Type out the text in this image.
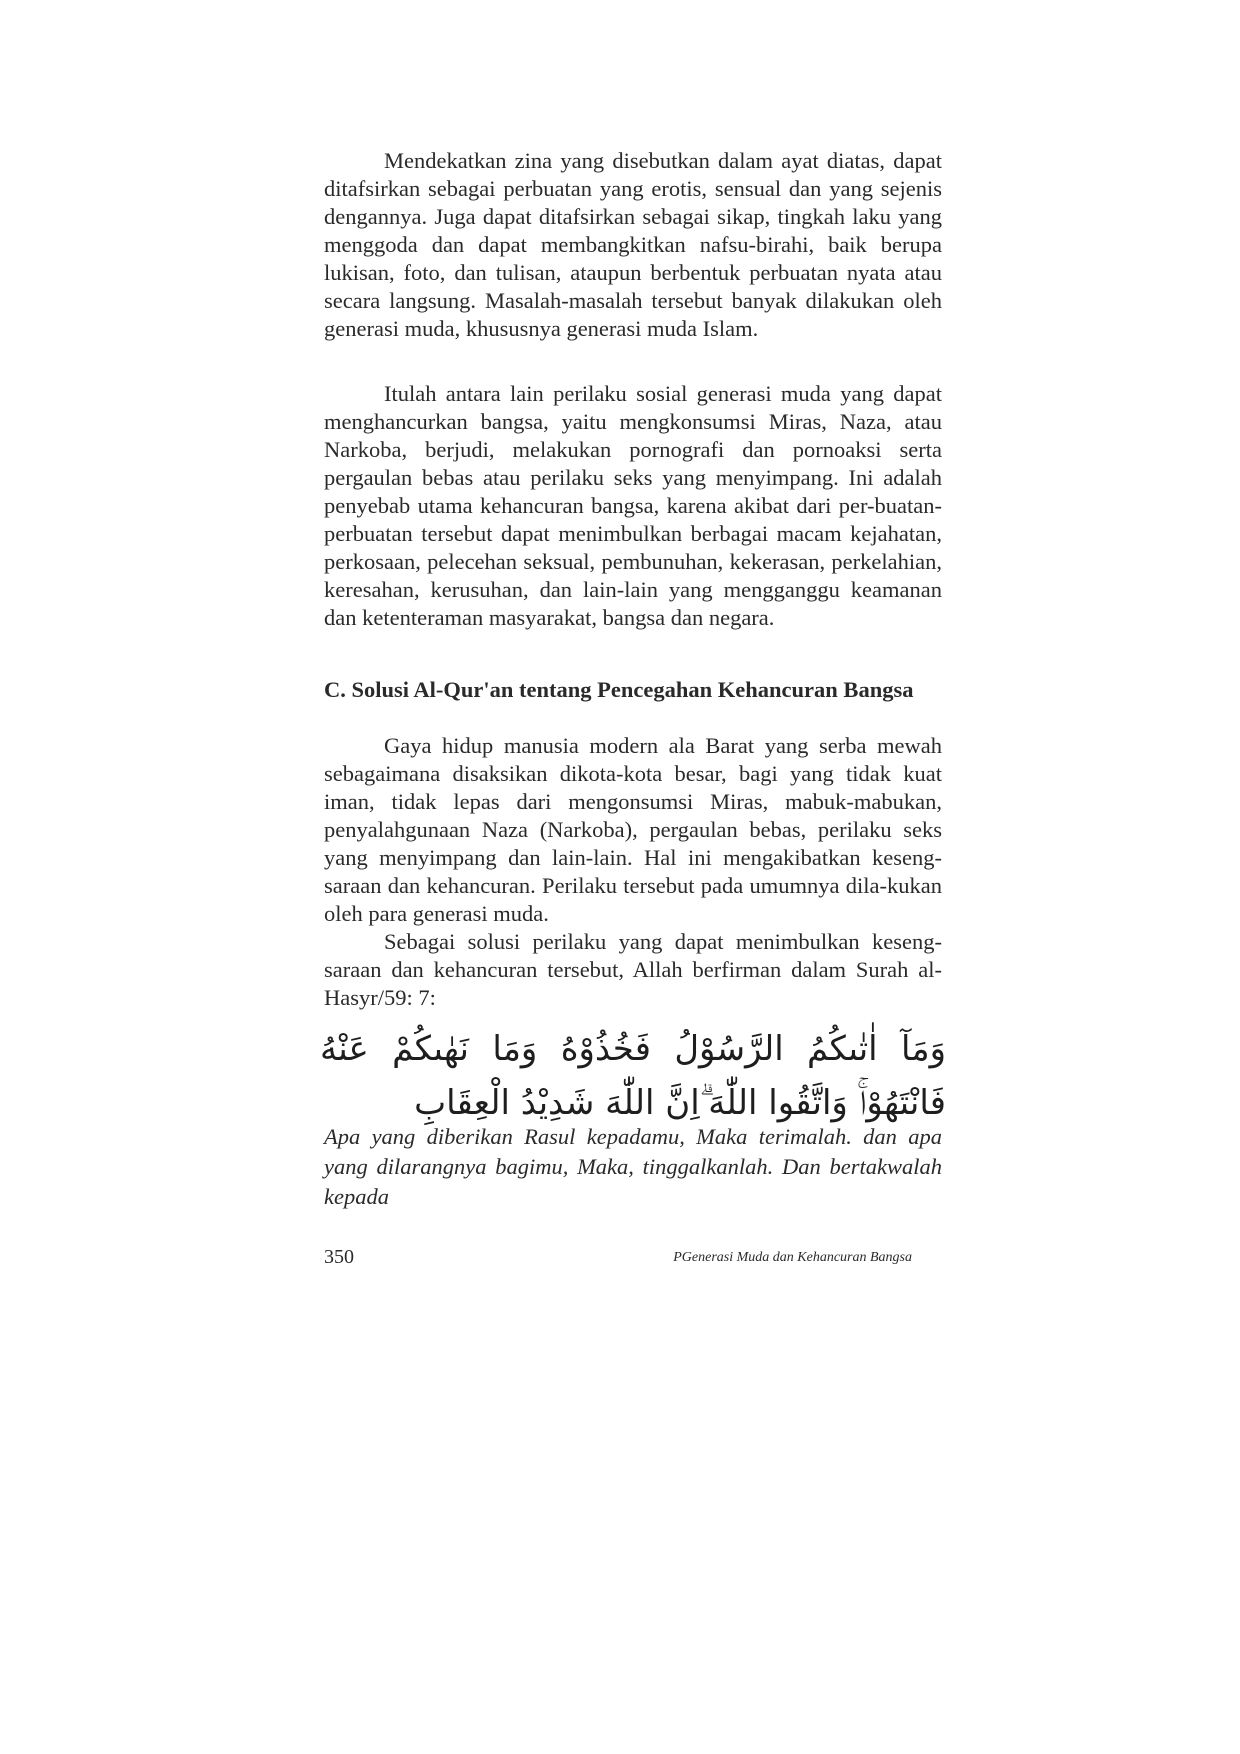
Mendekatkan zina yang disebutkan dalam ayat diatas, dapat ditafsirkan sebagai perbuatan yang erotis, sensual dan yang sejenis dengannya. Juga dapat ditafsirkan sebagai sikap, tingkah laku yang menggoda dan dapat membangkitkan nafsu-birahi, baik berupa lukisan, foto, dan tulisan, ataupun berbentuk perbuatan nyata atau secara langsung. Masalah-masalah tersebut banyak dilakukan oleh generasi muda, khususnya generasi muda Islam.

Itulah antara lain perilaku sosial generasi muda yang dapat menghancurkan bangsa, yaitu mengkonsumsi Miras, Naza, atau Narkoba, berjudi, melakukan pornografi dan pornoaksi serta pergaulan bebas atau perilaku seks yang menyimpang. Ini adalah penyebab utama kehancuran bangsa, karena akibat dari per-buatan-perbuatan tersebut dapat menimbulkan berbagai macam kejahatan, perkosaan, pelecehan seksual, pembunuhan, kekerasan, perkelahian, keresahan, kerusuhan, dan lain-lain yang mengganggu keamanan dan ketenteraman masyarakat, bangsa dan negara.

C. Solusi Al-Qur'an tentang Pencegahan Kehancuran Bangsa

Gaya hidup manusia modern ala Barat yang serba mewah sebagaimana disaksikan dikota-kota besar, bagi yang tidak kuat iman, tidak lepas dari mengonsumsi Miras, mabuk-mabukan, penyalahgunaan Naza (Narkoba), pergaulan bebas, perilaku seks yang menyimpang dan lain-lain. Hal ini mengakibatkan keseng-saraan dan kehancuran. Perilaku tersebut pada umumnya dila-kukan oleh para generasi muda.

Sebagai solusi perilaku yang dapat menimbulkan keseng-saraan dan kehancuran tersebut, Allah berfirman dalam Surah al-Hasyr/59: 7:

وَمَآ اٰتٰىكُمُ الرَّسُوْلُ فَخُذُوْهُ وَمَا نَهٰىكُمْ عَنْهُ فَانْتَهُوْاۚ وَاتَّقُوا اللّٰهَ ۗاِنَّ اللّٰهَ شَدِيْدُ الْعِقَابِ

Apa yang diberikan Rasul kepadamu, Maka terimalah. dan apa yang dilarangnya bagimu, Maka, tinggalkanlah. Dan bertakwalah kepada

350	PGenerasi Muda dan Kehancuran Bangsa
